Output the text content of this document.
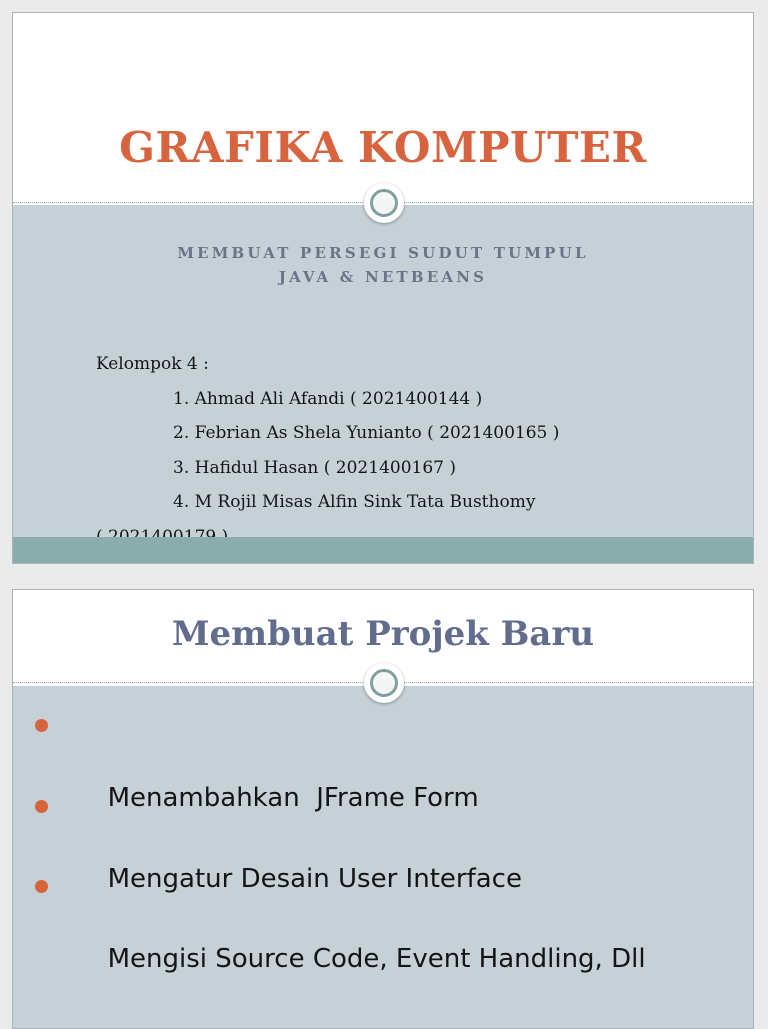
GRAFIKA KOMPUTER
MEMBUAT PERSEGI SUDUT TUMPUL
JAVA & NETBEANS
Kelompok 4 :
1. Ahmad Ali Afandi ( 2021400144 )
2. Febrian As Shela Yunianto ( 2021400165 )
3. Hafidul Hasan ( 2021400167 )
4. M Rojil Misas Alfin Sink Tata Busthomy
Membuat Projek Baru

Menambahkan  JFrame Form

Mengatur Desain User Interface

Mengisi Source Code, Event Handling, Dll
